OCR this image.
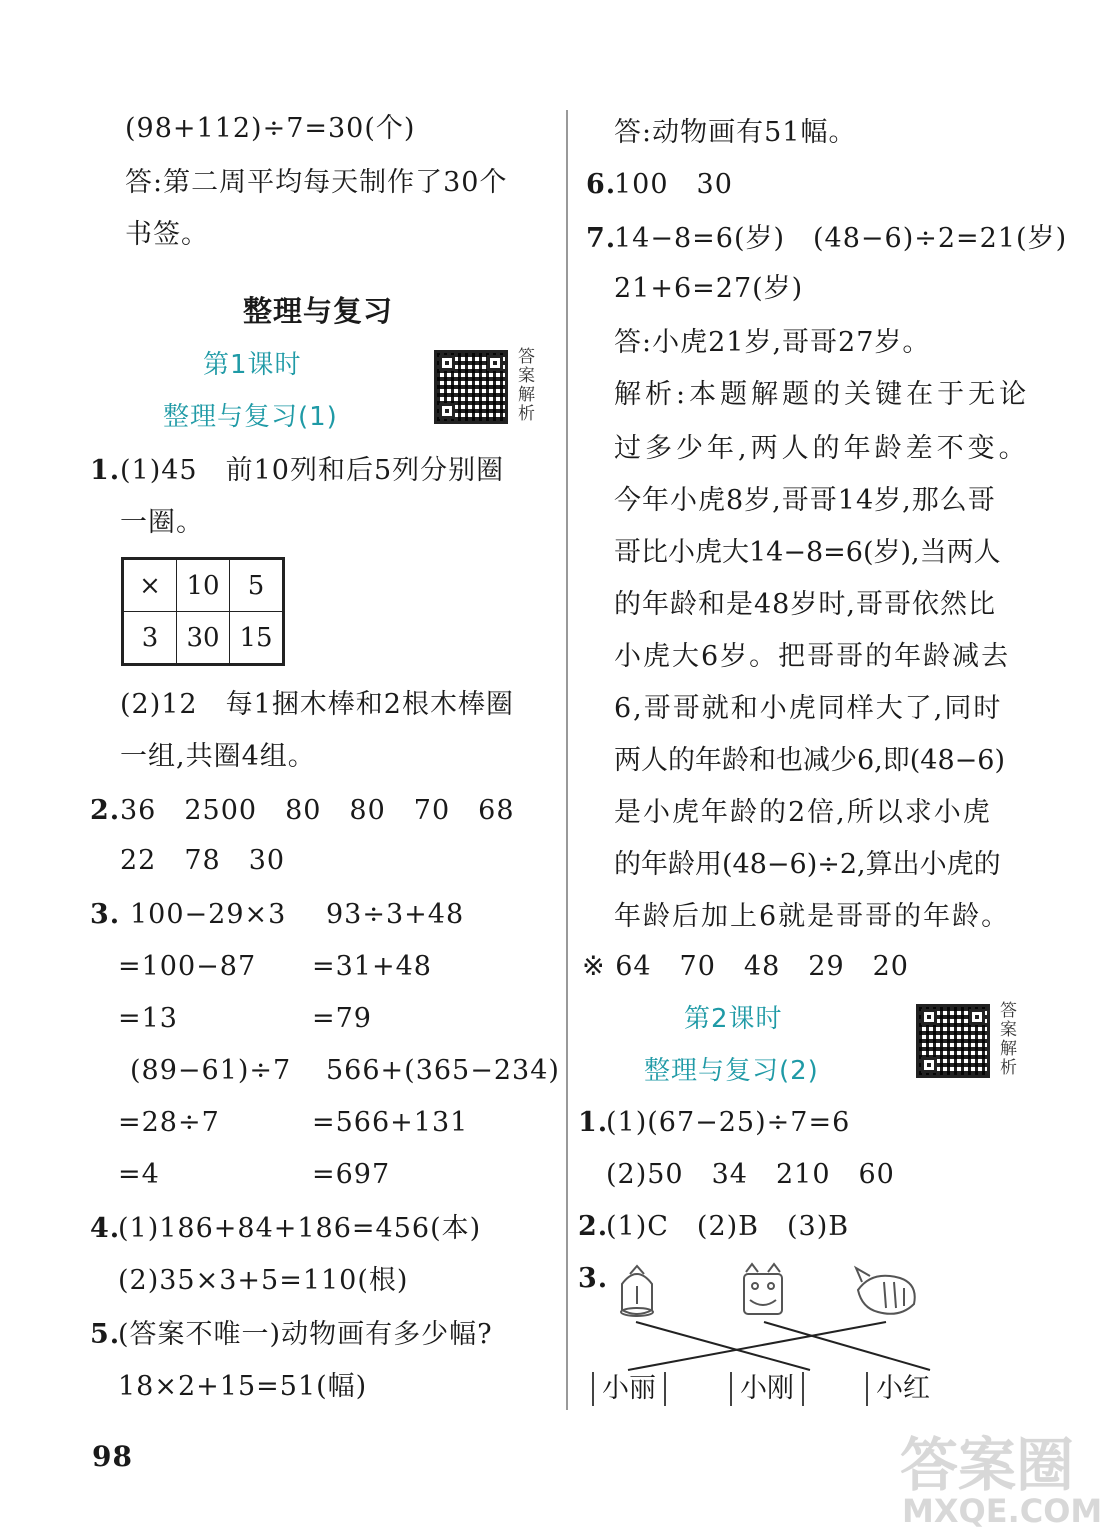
(98+112)÷7=30(个)
答:第二周平均每天制作了30个
书签。
整理与复习
第1课时
整理与复习(1)
答案解析
1. (1)45　前10列和后5列分别圈
一圈。
×	10	5
3	30	15
(2)12　每1捆木棒和2根木棒圈
一组,共圈4组。
2. 36　2500　80　80　70　68
22　78　30
3. 100−29×3 93÷3+48
=100−87 =31+48
=13	=79
(89−61)÷7 566+(365−234)
=28÷7	=566+131
=4	=697
4.
(1)186+84+186=456(本)
(2)35×3+5=110(根)
5.
(答案不唯一)动物画有多少幅?
18×2+15=51(幅)
98
答:动物画有51幅。
6.
100　30
7.
14−8=6(岁)　(48−6)÷2=21(岁)
21+6=27(岁)
答:小虎21岁,哥哥27岁。
解析:本题解题的关键在于无论
过多少年,两人的年龄差不变。
今年小虎8岁,哥哥14岁,那么哥
哥比小虎大14−8=6(岁),当两人
的年龄和是48岁时,哥哥依然比
小虎大6岁。把哥哥的年龄减去
6,哥哥就和小虎同样大了,同时
两人的年龄和也减少6,即(48−6)
是小虎年龄的2倍,所以求小虎
的年龄用(48−6)÷2,算出小虎的
年龄后加上6就是哥哥的年龄。
※ 64　70　48　29　20
第2课时
整理与复习(2)
答案解析
1.
(1)(67−25)÷7=6
(2)50　34　210　60
2.
(1)C　(2)B　(3)B
3.
小丽	小刚	小红
答案圈
MXQE.COM
